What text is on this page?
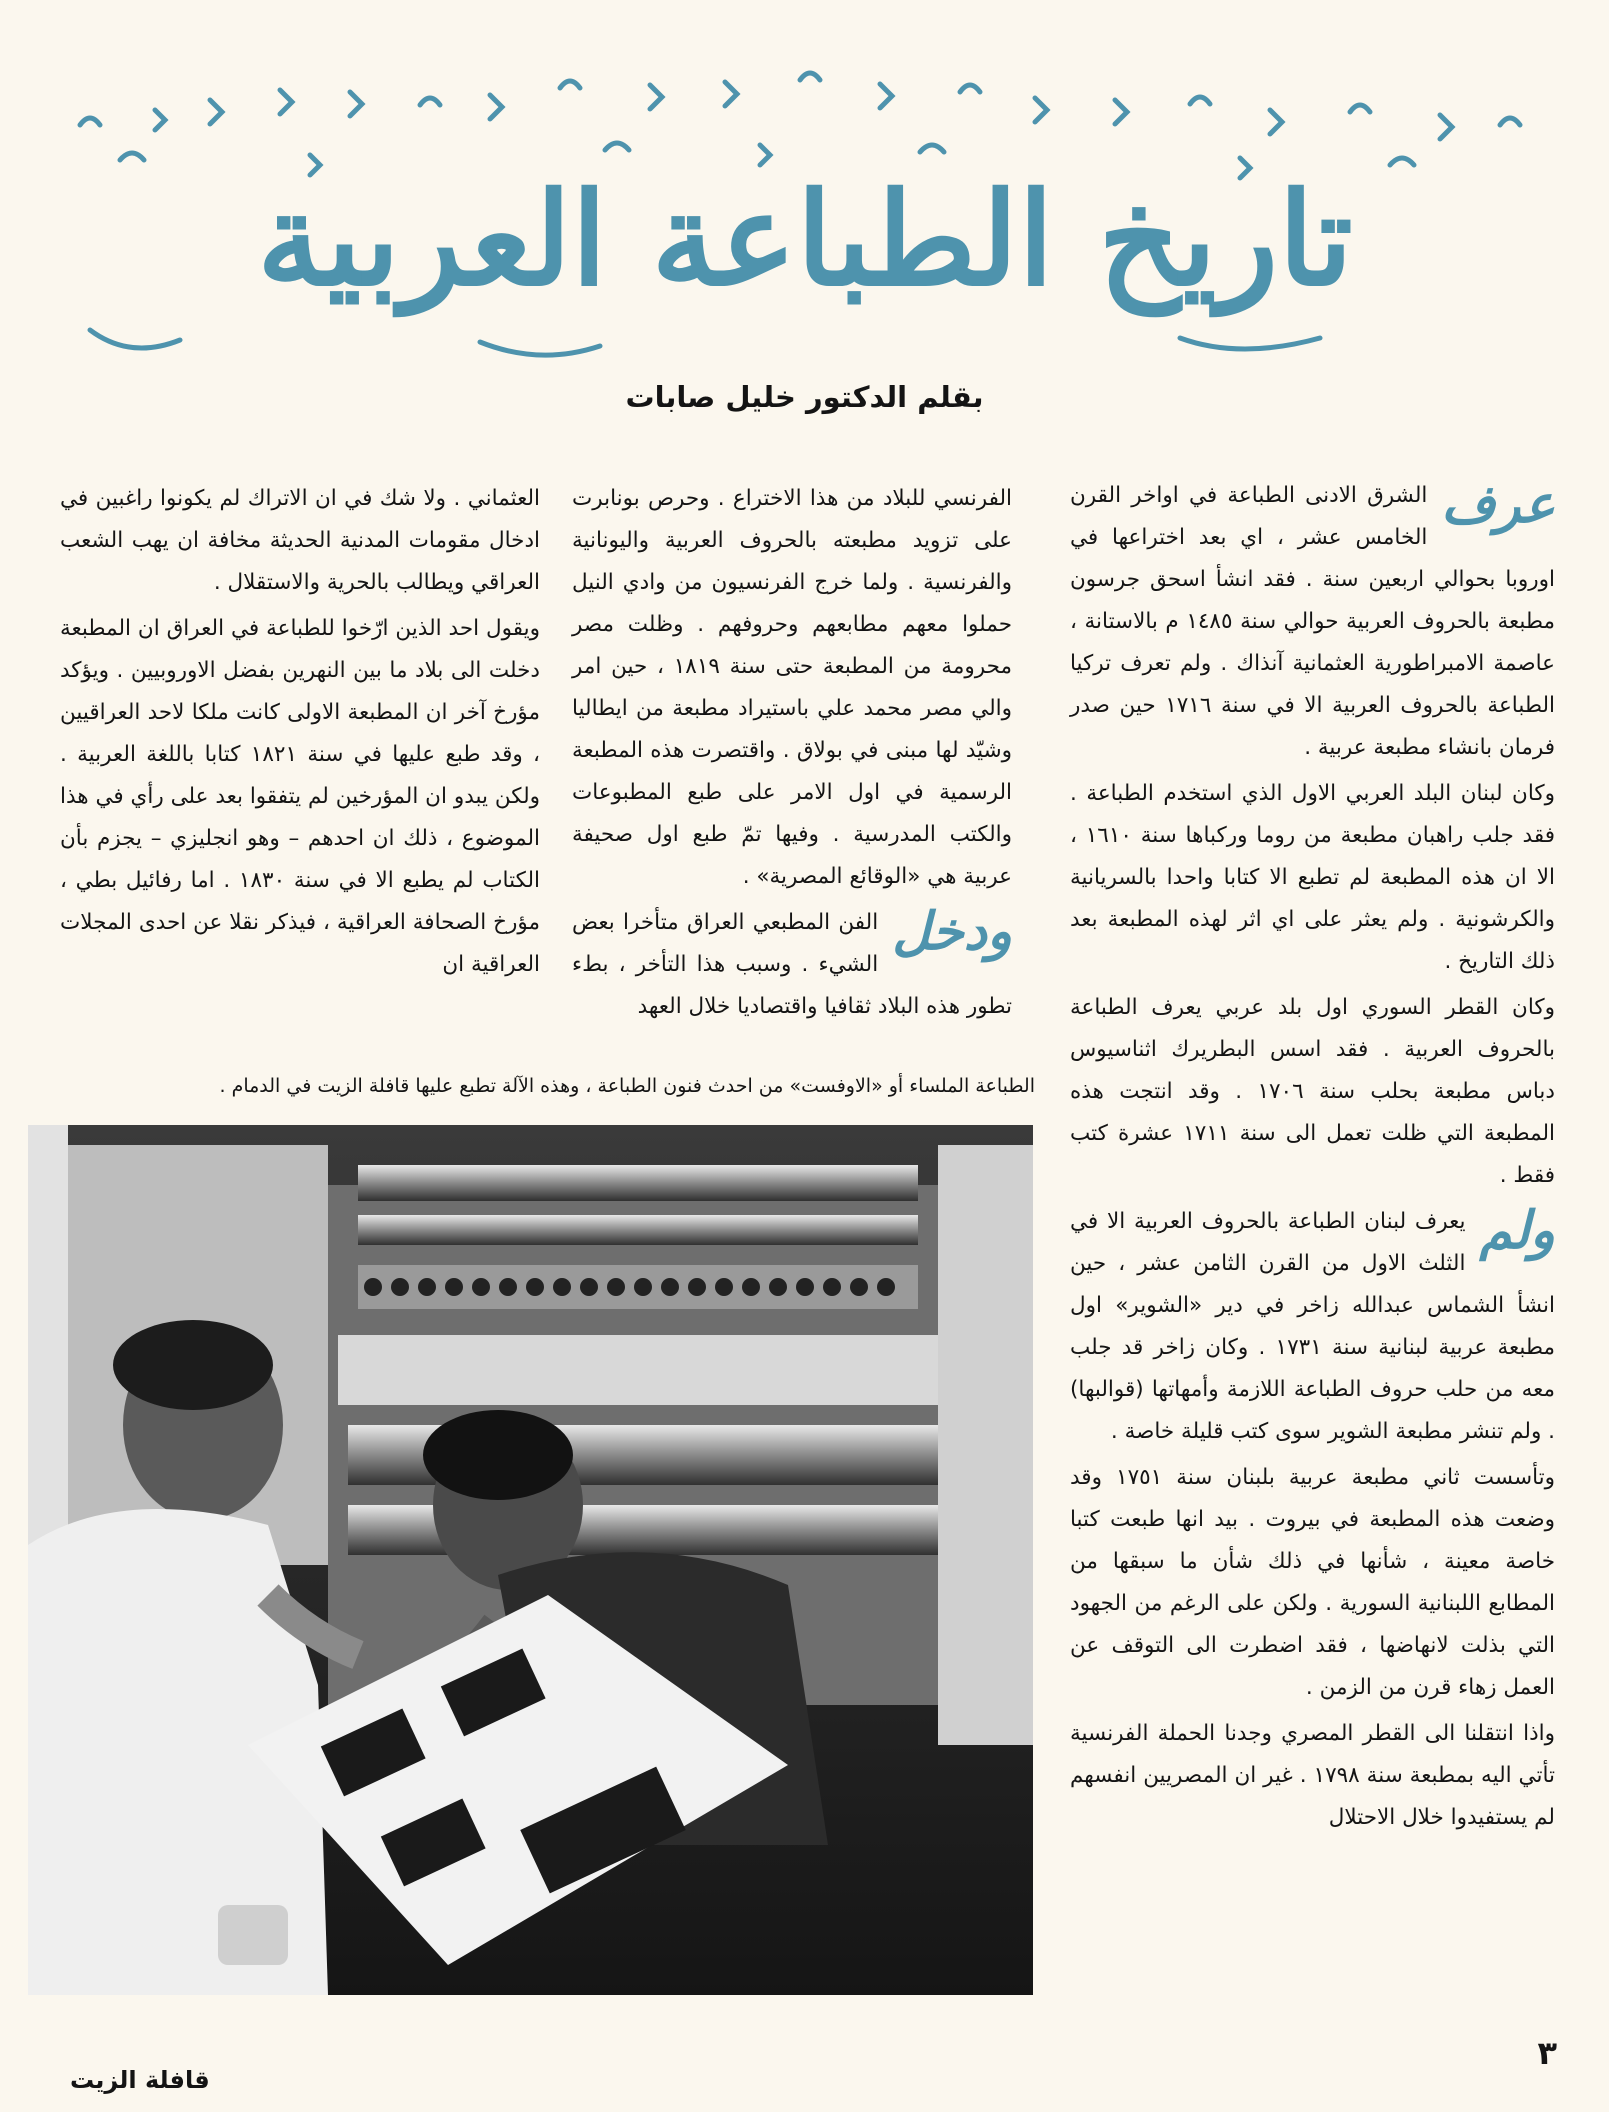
تاريخ الطباعة العربية
بقلم الدكتور خليل صابات

عرف
الشرق الادنى الطباعة في اواخر القرن الخامس عشر ، اي بعد اختراعها في اوروبا بحوالي اربعين سنة . فقد انشأ اسحق جرسون مطبعة بالحروف العربية حوالي سنة ١٤٨٥ م بالاستانة ، عاصمة الامبراطورية العثمانية آنذاك . ولم تعرف تركيا الطباعة بالحروف العربية الا في سنة ١٧١٦ حين صدر فرمان بانشاء مطبعة عربية .

وكان لبنان البلد العربي الاول الذي استخدم الطباعة . فقد جلب راهبان مطبعة من روما وركباها سنة ١٦١٠ ، الا ان هذه المطبعة لم تطبع الا كتابا واحدا بالسريانية والكرشونية . ولم يعثر على اي اثر لهذه المطبعة بعد ذلك التاريخ .

وكان القطر السوري اول بلد عربي يعرف الطباعة بالحروف العربية . فقد اسس البطريرك اثناسيوس دباس مطبعة بحلب سنة ١٧٠٦ . وقد انتجت هذه المطبعة التي ظلت تعمل الى سنة ١٧١١ عشرة كتب فقط .

ولم
يعرف لبنان الطباعة بالحروف العربية الا في الثلث الاول من القرن الثامن عشر ، حين انشأ الشماس عبدالله زاخر في دير «الشوير» اول مطبعة عربية لبنانية سنة ١٧٣١ . وكان زاخر قد جلب معه من حلب حروف الطباعة اللازمة وأمهاتها (قوالبها) . ولم تنشر مطبعة الشوير سوى كتب قليلة خاصة .

وتأسست ثاني مطبعة عربية بلبنان سنة ١٧٥١ وقد وضعت هذه المطبعة في بيروت . بيد انها طبعت كتبا خاصة معينة ، شأنها في ذلك شأن ما سبقها من المطابع اللبنانية السورية . ولكن على الرغم من الجهود التي بذلت لانهاضها ، فقد اضطرت الى التوقف عن العمل زهاء قرن من الزمن .

واذا انتقلنا الى القطر المصري وجدنا الحملة الفرنسية تأتي اليه بمطبعة سنة ١٧٩٨ . غير ان المصريين انفسهم لم يستفيدوا خلال الاحتلال

الفرنسي للبلاد من هذا الاختراع . وحرص بونابرت على تزويد مطبعته بالحروف العربية واليونانية والفرنسية . ولما خرج الفرنسيون من وادي النيل حملوا معهم مطابعهم وحروفهم . وظلت مصر محرومة من المطبعة حتى سنة ١٨١٩ ، حين امر والي مصر محمد علي باستيراد مطبعة من ايطاليا وشيّد لها مبنى في بولاق . واقتصرت هذه المطبعة الرسمية في اول الامر على طبع المطبوعات والكتب المدرسية . وفيها تمّ طبع اول صحيفة عربية هي «الوقائع المصرية» .

ودخل
الفن المطبعي العراق متأخرا بعض الشيء . وسبب هذا التأخر ، بطء تطور هذه البلاد ثقافيا واقتصاديا خلال العهد

العثماني . ولا شك في ان الاتراك لم يكونوا راغبين في ادخال مقومات المدنية الحديثة مخافة ان يهب الشعب العراقي ويطالب بالحرية والاستقلال .

ويقول احد الذين ارّخوا للطباعة في العراق ان المطبعة دخلت الى بلاد ما بين النهرين بفضل الاوروبيين . ويؤكد مؤرخ آخر ان المطبعة الاولى كانت ملكا لاحد العراقيين ، وقد طبع عليها في سنة ١٨٢١ كتابا باللغة العربية . ولكن يبدو ان المؤرخين لم يتفقوا بعد على رأي في هذا الموضوع ، ذلك ان احدهم – وهو انجليزي – يجزم بأن الكتاب لم يطبع الا في سنة ١٨٣٠ . اما رفائيل بطي ، مؤرخ الصحافة العراقية ، فيذكر نقلا عن احدى المجلات العراقية ان

الطباعة الملساء أو «الاوفست» من احدث فنون الطباعة ، وهذه الآلة تطبع عليها قافلة الزيت في الدمام .
٣
قافلة الزيت
